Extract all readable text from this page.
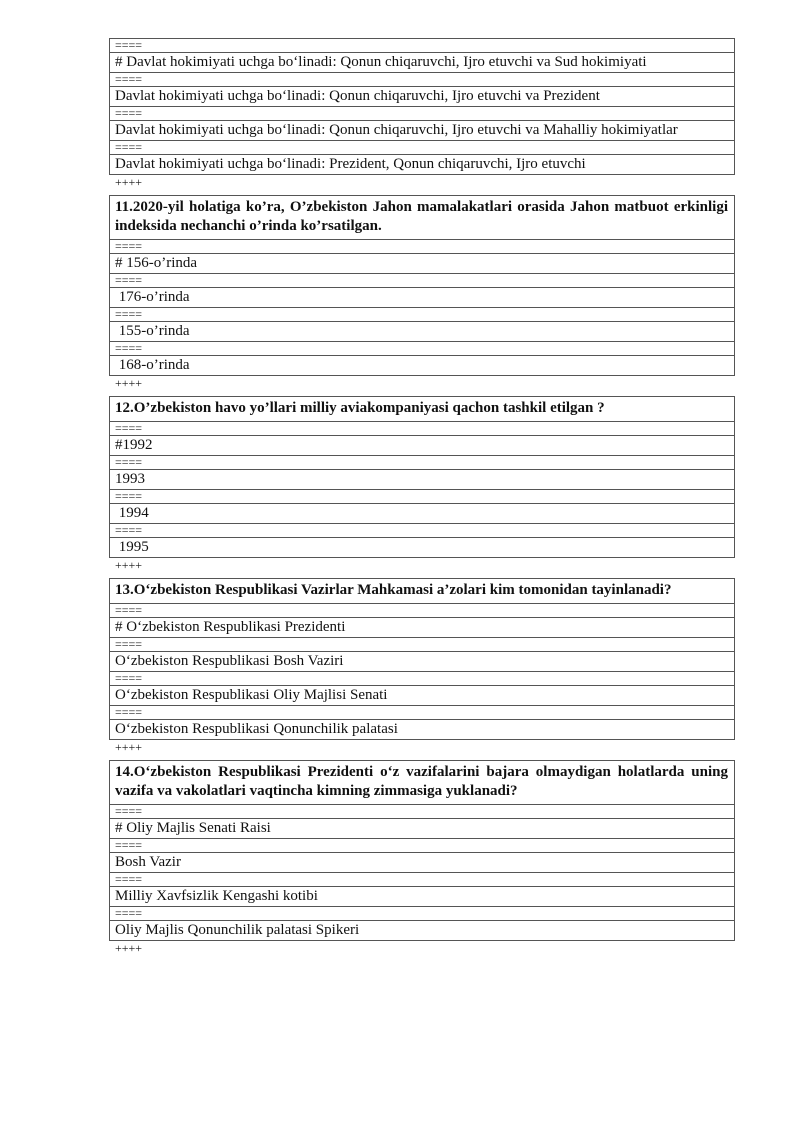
====
# Davlat hokimiyati uchga bo‘linadi: Qonun chiqaruvchi, Ijro etuvchi va Sud hokimiyati
====
Davlat hokimiyati uchga bo‘linadi: Qonun chiqaruvchi, Ijro etuvchi va Prezident
====
Davlat hokimiyati uchga bo‘linadi: Qonun chiqaruvchi, Ijro etuvchi va Mahalliy hokimiyatlar
====
Davlat hokimiyati uchga bo‘linadi: Prezident, Qonun chiqaruvchi, Ijro etuvchi
++++
11.2020-yil holatiga ko’ra, O’zbekiston Jahon mamalakatlari orasida Jahon matbuot erkinligi indeksida nechanchi o’rinda ko’rsatilgan.
====
# 156-o’rinda
====
176-o’rinda
====
155-o’rinda
====
168-o’rinda
++++
12.O’zbekiston havo yo’llari milliy aviakompaniyasi qachon tashkil etilgan ?
====
#1992
====
1993
====
1994
====
1995
++++
13.O‘zbekiston Respublikasi Vazirlar Mahkamasi a’zolari kim tomonidan tayinlanadi?
====
# O‘zbekiston Respublikasi Prezidenti
====
O‘zbekiston Respublikasi Bosh Vaziri
====
O‘zbekiston Respublikasi Oliy Majlisi Senati
====
O‘zbekiston Respublikasi Qonunchilik palatasi
++++
14.O‘zbekiston Respublikasi Prezidenti o‘z vazifalarini bajara olmaydigan holatlarda uning vazifa va vakolatlari vaqtincha kimning zimmasiga yuklanadi?
====
# Oliy Majlis Senati Raisi
====
Bosh Vazir
====
Milliy Xavfsizlik Kengashi kotibi
====
Oliy Majlis Qonunchilik palatasi Spikeri
++++
